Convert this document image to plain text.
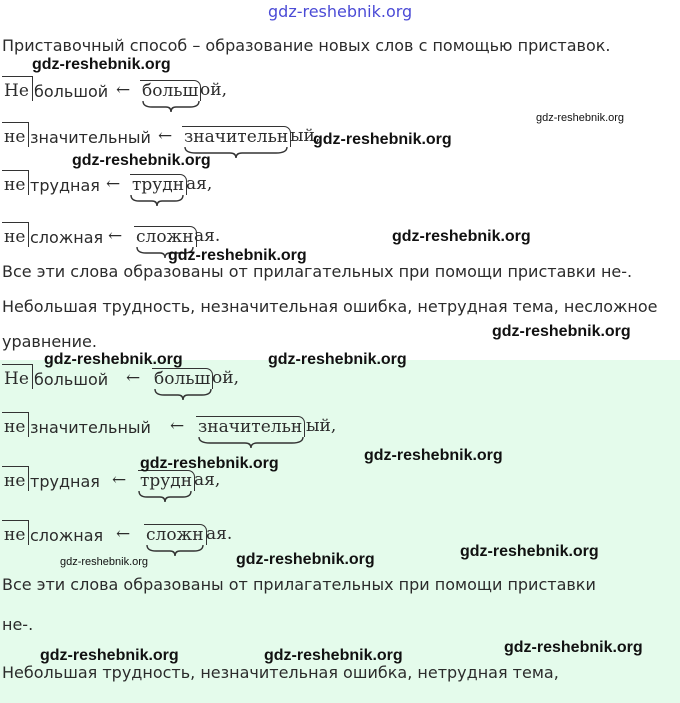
gdz-reshebnik.org
Приставочный способ – образование новых слов с помощью приставок.
Не большой ← больш ой,
не значительный ← значительн ый,
не трудная ← трудн ая,
не сложная ← сложн ая.
Все эти слова образованы от прилагательных при помощи приставки не-.
Небольшая трудность, незначительная ошибка, нетрудная тема, несложное
уравнение.
Не большой ← больш ой,
не значительный ← значительн ый,
не трудная ← трудн ая,
не сложная ← сложн ая.
Все эти слова образованы от прилагательных при помощи приставки
не-.
Небольшая трудность, незначительная ошибка, нетрудная тема,
gdz-reshebnik.org
gdz-reshebnik.org
gdz-reshebnik.org
gdz-reshebnik.org
gdz-reshebnik.org
gdz-reshebnik.org
gdz-reshebnik.org
gdz-reshebnik.org	gdz-reshebnik.org
gdz-reshebnik.org
gdz-reshebnik.org
gdz-reshebnik.org
gdz-reshebnik.org	gdz-reshebnik.org
gdz-reshebnik.org
gdz-reshebnik.org	gdz-reshebnik.org
